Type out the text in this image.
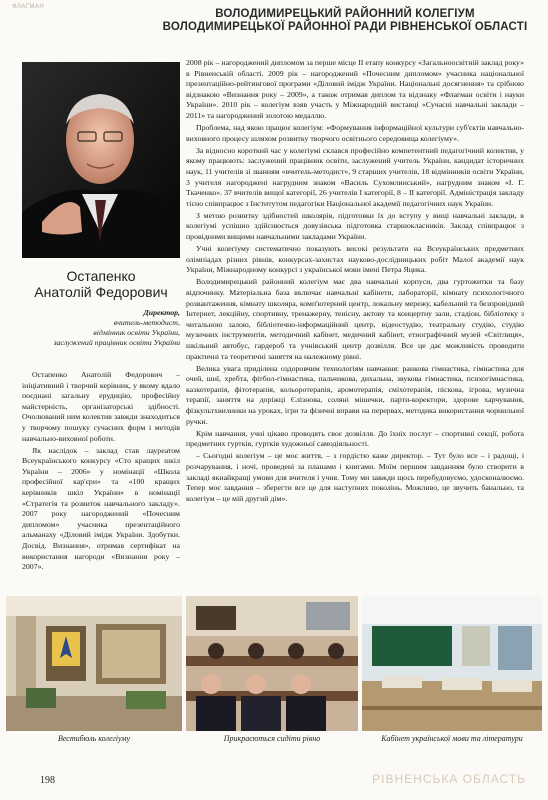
ФЛАГМАН
ВОЛОДИМИРЕЦЬКИЙ РАЙОННИЙ КОЛЕГІУМ
ВОЛОДИМИРЕЦЬКОЇ РАЙОННОЇ РАДИ РІВНЕНСЬКОЇ ОБЛАСТІ
Остапенко
Анатолій Федорович
Директор,
вчитель-методист,
відмінник освіти України,
заслужений працівник освіти України

Остапенко Анатолій Федорович – ініціативний і творчий керівник, у якому вдало поєднані загальну ерудицію, професійну майстерність, організаторські здібності. Очолюваний ним колектив завжди знаходиться у творчому пошуку сучасних форм і методів навчально-виховної роботи.

Як наслідок – заклад став лауреатом Всеукраїнського конкурсу «Сто кращих шкіл України – 2006» у номінації «Школа професійної кар'єри» та «100 кращих керівників шкіл України» в номінації «Стратегія та розвиток навчального закладу». 2007 року нагороджений «Почесним дипломом» учасника презентаційного альманаху «Діловий імідж України. Здобутки. Досвід. Визнання», отримав сертифікат на використання нагороди «Визнання року – 2007».

2008 рік – нагороджений дипломом за перше місце ІІ етапу конкурсу «Загальноосвітній заклад року» в Рівненській області. 2009 рік – нагороджений «Почесним дипломом» учасника національної презентаційно-рейтингової програми «Діловий імідж України. Національні досягнення» та срібною відзнакою «Визнання року – 2009», а також отримав диплом та відзнаку «Флагман освіти і науки України». 2010 рік – колегіум взяв участь у Міжнародній виставці «Сучасні навчальні заклади – 2011» та нагороджений золотою медаллю.

Проблема, над якою працює колегіум: «Формування інформаційної культури суб'єктів навчально-виховного процесу шляхом розвитку творчого освітнього середовища колегіуму».

За відносно короткий час у колегіумі склався професійно компетентний педагогічний колектив, у якому працюють: заслужений працівник освіти, заслужений учитель України, кандидат історичних наук, 11 учителів зі званням «вчитель-методист», 9 старших учителів, 18 відмінників освіти України, 3 учителя нагороджені нагрудним знаком «Василь Сухомлинський», нагрудним знаком «І. Г. Ткаченко». 37 вчителів вищої категорії, 26 учителів І категорії, 8 – ІІ категорії. Адміністрація закладу тісно співпрацює з Інститутом педагогіки Національної академії педагогічних наук України.

З метою розвитку здібностей школярів, підготовки їх до вступу у вищі навчальні заклади, в колегіумі успішно здійснюється довузівська підготовка старшокласників. Заклад співпрацює з провідними вищими навчальними закладами України.

Учні колегіуму систематично показують високі результати на Всеукраїнських предметних олімпіадах різних рівнів, конкурсах-захистах науково-дослідницьких робіт Малої академії наук України, Міжнародному конкурсі з української мови імені Петра Яцика.

Володимирецький районний колегіум має два навчальні корпуси, два гуртожитки та базу відпочинку. Матеріальна база включає навчальні кабінети, лабораторії, кімнату психологічного розвантаження, кімнату школяра, комп'ютерний центр, локальну мережу, кабельний та безпровідний Інтернет, лекційну, спортивну, тренажерну, тенісну, актову та концертну зали, стадіон, бібліотеку з читальною залою, бібліотечно-інформаційний центр, відеостудію, театральну студію, студію музичних інструментів, методичний кабінет, медичний кабінет, етнографічний музей «Світлиця», шкільний автобус, гардероб та учнівський центр дозвілля. Все це дає можливість проводити практичні та теоретичні заняття на належному рівні.

Велика увага приділена оздоровчим технологіям навчання: ранкова гімнастика, гімнастика для очей, шиї, хребта, фітбол-гімнастика, пальчикова, дихальна, звукова гімнастика, психогімнастика, казкотерапія, фітотерапія, кольоротерапія, аромотерапія, сміхотерапія, піскова, ігрова, музична терапії, заняття на доріжці Єлізнова, соляні мішечки, парти-коректори, здорове харчування, фізкультхвилинки на уроках, ігри та фізичні вправи на перервах, методика використання чорнильної ручки.

Крім навчання, учні цікаво проводять своє дозвілля. До їхніх послуг – спортивні секції, робота предметних гуртків, гуртків художньої самодіяльності.

– Сьогодні колегіум – це моє життя, – з гордістю каже директор. – Тут було все – і радощі, і розчарування, і ночі, проведені за планами і книгами. Моїм першим завданням було створити в закладі якнайкращі умови для вчителя і учня. Тому ми завжди щось перебудовуємо, удосконалюємо. Тепер моє завдання – зберегти все це для наступних поколінь. Можливо, це звучить банально, та колегіум – це мій другий дім».

Вестибюль колегіуму	Прикраєються сидіти рівно	Кабінет української мови та літератури
198	РІВНЕНСЬКА ОБЛАСТЬ
